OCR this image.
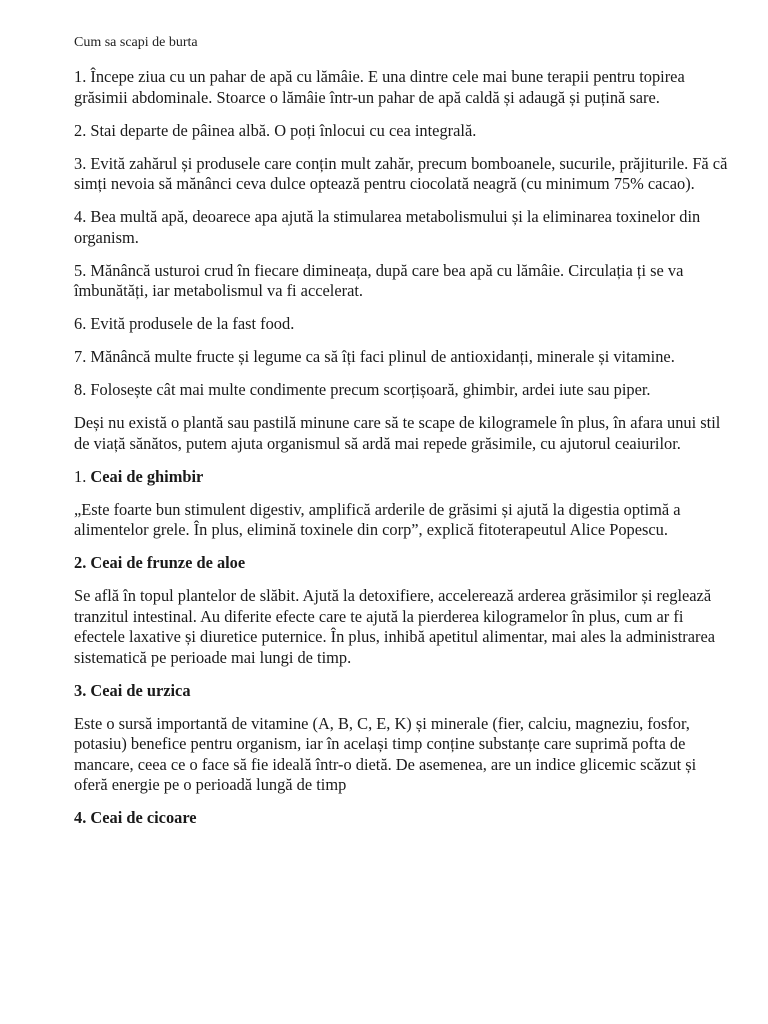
Cum sa scapi de burta

1. Începe ziua cu un pahar de apă cu lămâie. E una dintre cele mai bune terapii pentru topirea grăsimii abdominale. Stoarce o lămâie într-un pahar de apă caldă și adaugă și puțină sare.

2. Stai departe de pâinea albă. O poți înlocui cu cea integrală.

3. Evită zahărul și produsele care conțin mult zahăr, precum bomboanele, sucurile, prăjiturile. Fă că simți nevoia să mănânci ceva dulce optează pentru ciocolată neagră (cu minimum 75% cacao).

4. Bea multă apă, deoarece apa ajută la stimularea metabolismului și la eliminarea toxinelor din organism.

5. Mănâncă usturoi crud în fiecare dimineața, după care bea apă cu lămâie. Circulația ți se va îmbunătăți, iar metabolismul va fi accelerat.

6. Evită produsele de la fast food.

7. Mănâncă multe fructe și legume ca să îți faci plinul de antioxidanți, minerale și vitamine.

8. Folosește cât mai multe condimente precum scorțișoară, ghimbir, ardei iute sau piper.

Deși nu există o plantă sau pastilă minune care să te scape de kilogramele în plus, în afara unui stil de viață sănătos, putem ajuta organismul să ardă mai repede grăsimile, cu ajutorul ceaiurilor.

1. Ceai de ghimbir

„Este foarte bun stimulent digestiv, amplifică arderile de grăsimi și ajută la digestia optimă a alimentelor grele. În plus, elimină toxinele din corp”, explică fitoterapeutul Alice Popescu.

2. Ceai de frunze de aloe

Se află în topul plantelor de slăbit. Ajută la detoxifiere, accelerează arderea grăsimilor și reglează tranzitul intestinal. Au diferite efecte care te ajută la pierderea kilogramelor în plus, cum ar fi efectele laxative și diuretice puternice. În plus, inhibă apetitul alimentar, mai ales la administrarea sistematică pe perioade mai lungi de timp.

3. Ceai de urzica

Este o sursă importantă de vitamine (A, B, C, E, K) și minerale (fier, calciu, magneziu, fosfor, potasiu) benefice pentru organism, iar în același timp conține substanțe care suprimă pofta de mancare, ceea ce o face să fie ideală într-o dietă. De asemenea, are un indice glicemic scăzut și oferă energie pe o perioadă lungă de timp

4. Ceai de cicoare
